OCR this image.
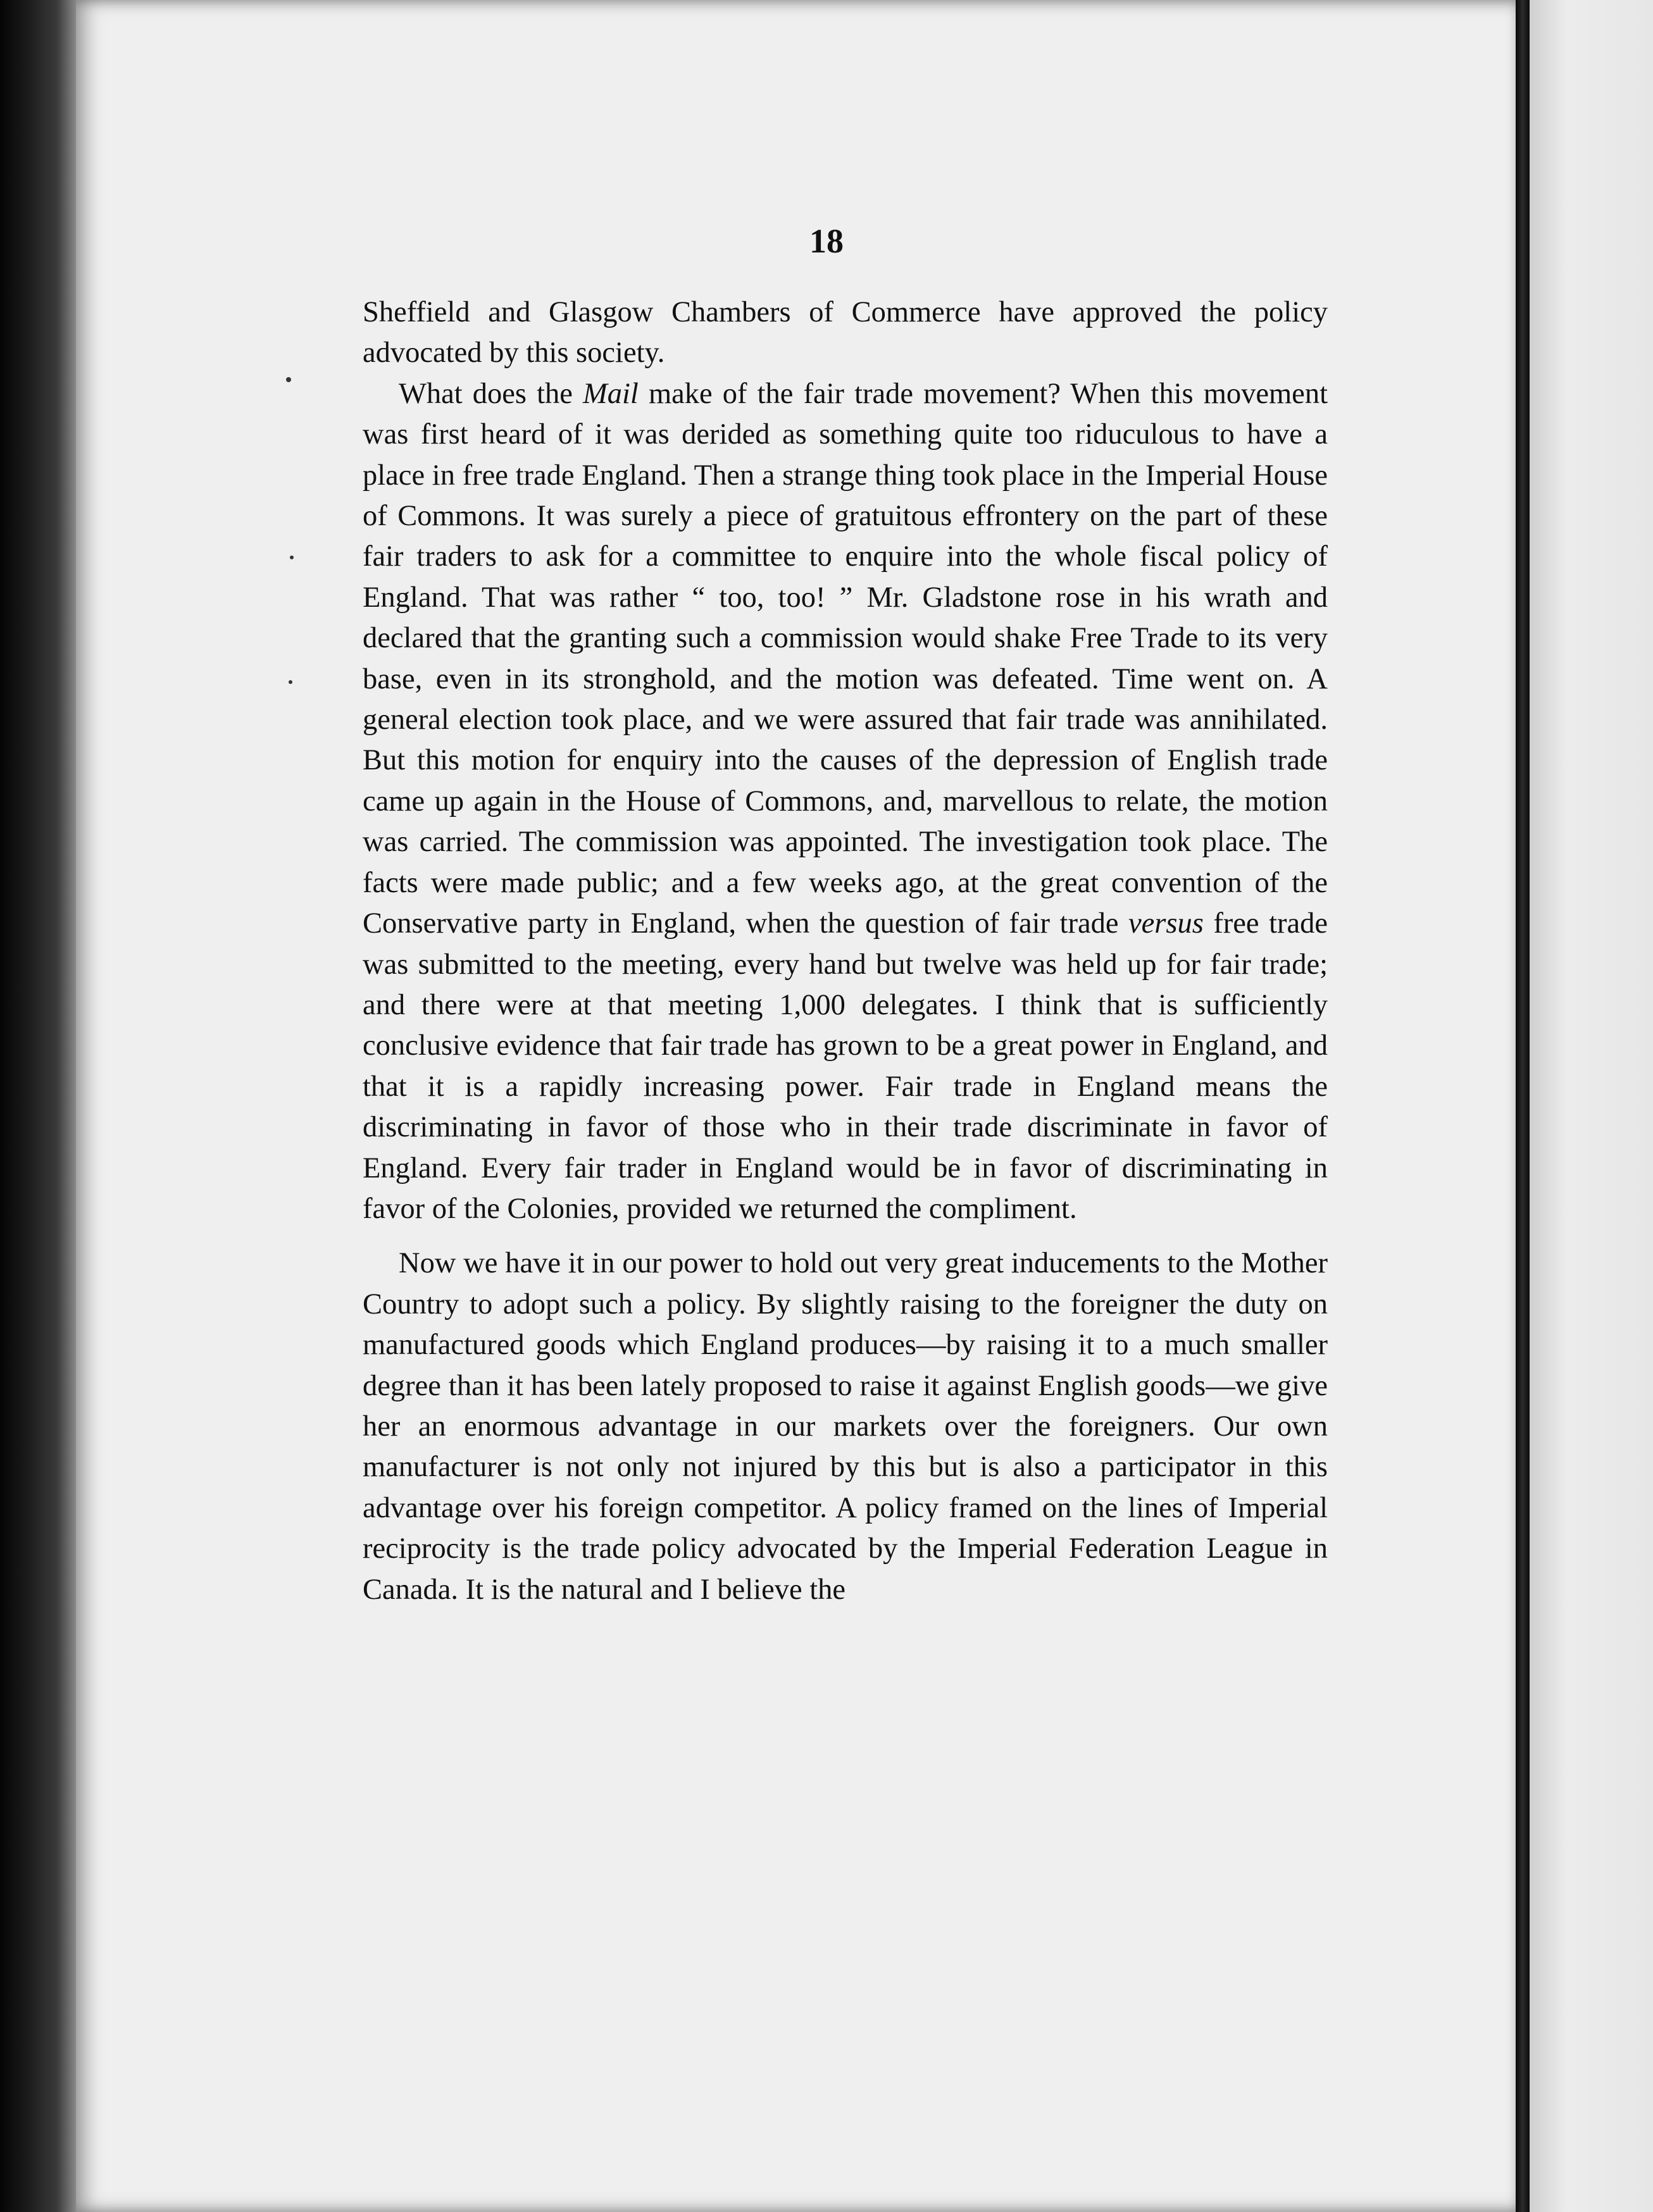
18

Sheffield and Glasgow Chambers of Commerce have approved the policy advocated by this society.

What does the Mail make of the fair trade movement? When this movement was first heard of it was derided as something quite too riduculous to have a place in free trade England. Then a strange thing took place in the Imperial House of Commons. It was surely a piece of gratuitous effrontery on the part of these fair traders to ask for a committee to enquire into the whole fiscal policy of England. That was rather “ too, too! ” Mr. Gladstone rose in his wrath and declared that the granting such a commission would shake Free Trade to its very base, even in its stronghold, and the motion was defeated. Time went on. A general election took place, and we were assured that fair trade was annihilated. But this motion for enquiry into the causes of the depression of English trade came up again in the House of Commons, and, marvellous to relate, the motion was carried. The commission was appointed. The investigation took place. The facts were made public; and a few weeks ago, at the great convention of the Conservative party in England, when the question of fair trade versus free trade was submitted to the meeting, every hand but twelve was held up for fair trade; and there were at that meeting 1,000 delegates. I think that is sufficiently conclusive evidence that fair trade has grown to be a great power in England, and that it is a rapidly increasing power. Fair trade in England means the discriminating in favor of those who in their trade discriminate in favor of England. Every fair trader in England would be in favor of discriminating in favor of the Colonies, provided we returned the compliment.

Now we have it in our power to hold out very great inducements to the Mother Country to adopt such a policy. By slightly raising to the foreigner the duty on manufactured goods which England produces—by raising it to a much smaller degree than it has been lately proposed to raise it against English goods—we give her an enormous advantage in our markets over the foreigners. Our own manufacturer is not only not injured by this but is also a participator in this advantage over his foreign competitor. A policy framed on the lines of Imperial reciprocity is the trade policy advocated by the Imperial Federation League in Canada. It is the natural and I believe the
